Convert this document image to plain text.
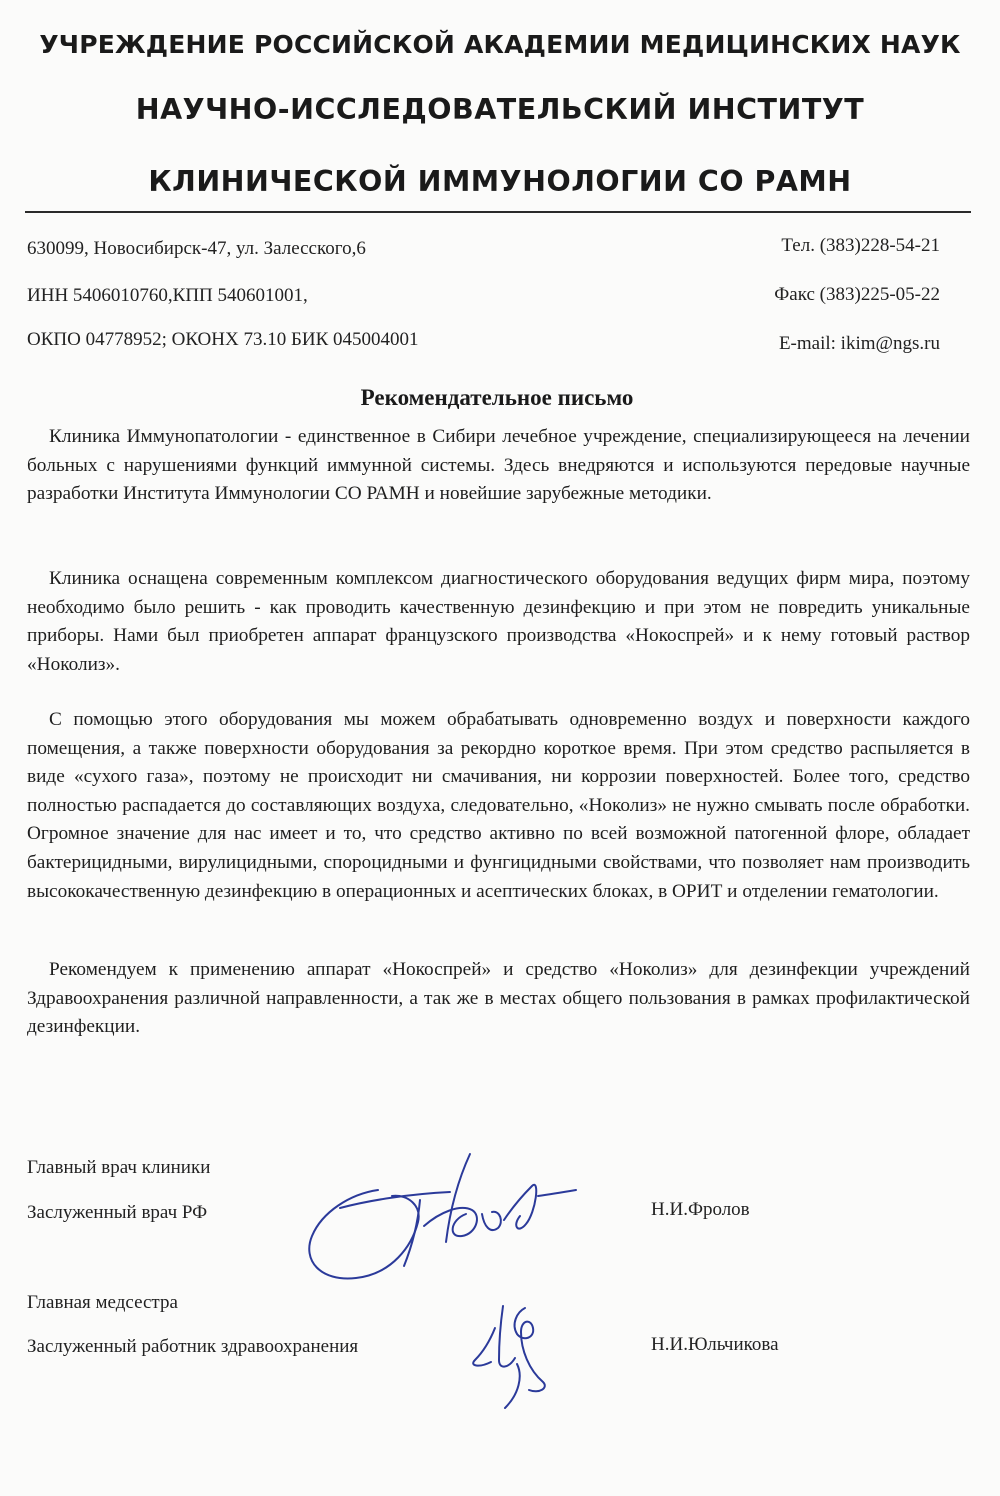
УЧРЕЖДЕНИЕ РОССИЙСКОЙ АКАДЕМИИ МЕДИЦИНСКИХ НАУК
НАУЧНО-ИССЛЕДОВАТЕЛЬСКИЙ ИНСТИТУТ
КЛИНИЧЕСКОЙ ИММУНОЛОГИИ СО РАМН
630099, Новосибирск-47, ул. Залесского,6
ИНН 5406010760,КПП 540601001,
ОКПО 04778952; ОКОНХ 73.10 БИК 045004001
Тел. (383)228-54-21
Факс (383)225-05-22
E-mail: ikim@ngs.ru
Рекомендательное письмо

Клиника Иммунопатологии - единственное в Сибири лечебное учреждение, специализирующееся на лечении больных с нарушениями функций иммунной системы. Здесь внедряются и используются передовые научные разработки Института Иммунологии СО РАМН и новейшие зарубежные методики.

Клиника оснащена современным комплексом диагностического оборудования ведущих фирм мира, поэтому необходимо было решить - как проводить качественную дезинфекцию и при этом не повредить уникальные приборы. Нами был приобретен аппарат французского производства «Нокоспрей» и к нему готовый раствор «Ноколиз».

С помощью этого оборудования мы можем обрабатывать одновременно воздух и поверхности каждого помещения, а также поверхности оборудования за рекордно короткое время. При этом средство распыляется в виде «сухого газа», поэтому не происходит ни смачивания, ни коррозии поверхностей. Более того, средство полностью распадается до составляющих воздуха, следовательно, «Ноколиз» не нужно смывать после обработки. Огромное значение для нас имеет и то, что средство активно по всей возможной патогенной флоре, обладает бактерицидными, вирулицидными, спороцидными и фунгицидными свойствами, что позволяет нам производить высококачественную дезинфекцию в операционных и асептических блоках, в ОРИТ и отделении гематологии.

Рекомендуем к применению аппарат «Нокоспрей» и средство «Ноколиз» для дезинфекции учреждений Здравоохранения различной направленности, а так же в местах общего пользования в рамках профилактической дезинфекции.

Главный врач клиники
Заслуженный врач РФ	Н.И.Фролов
Главная медсестра
Заслуженный работник здравоохранения	Н.И.Юльчикова
